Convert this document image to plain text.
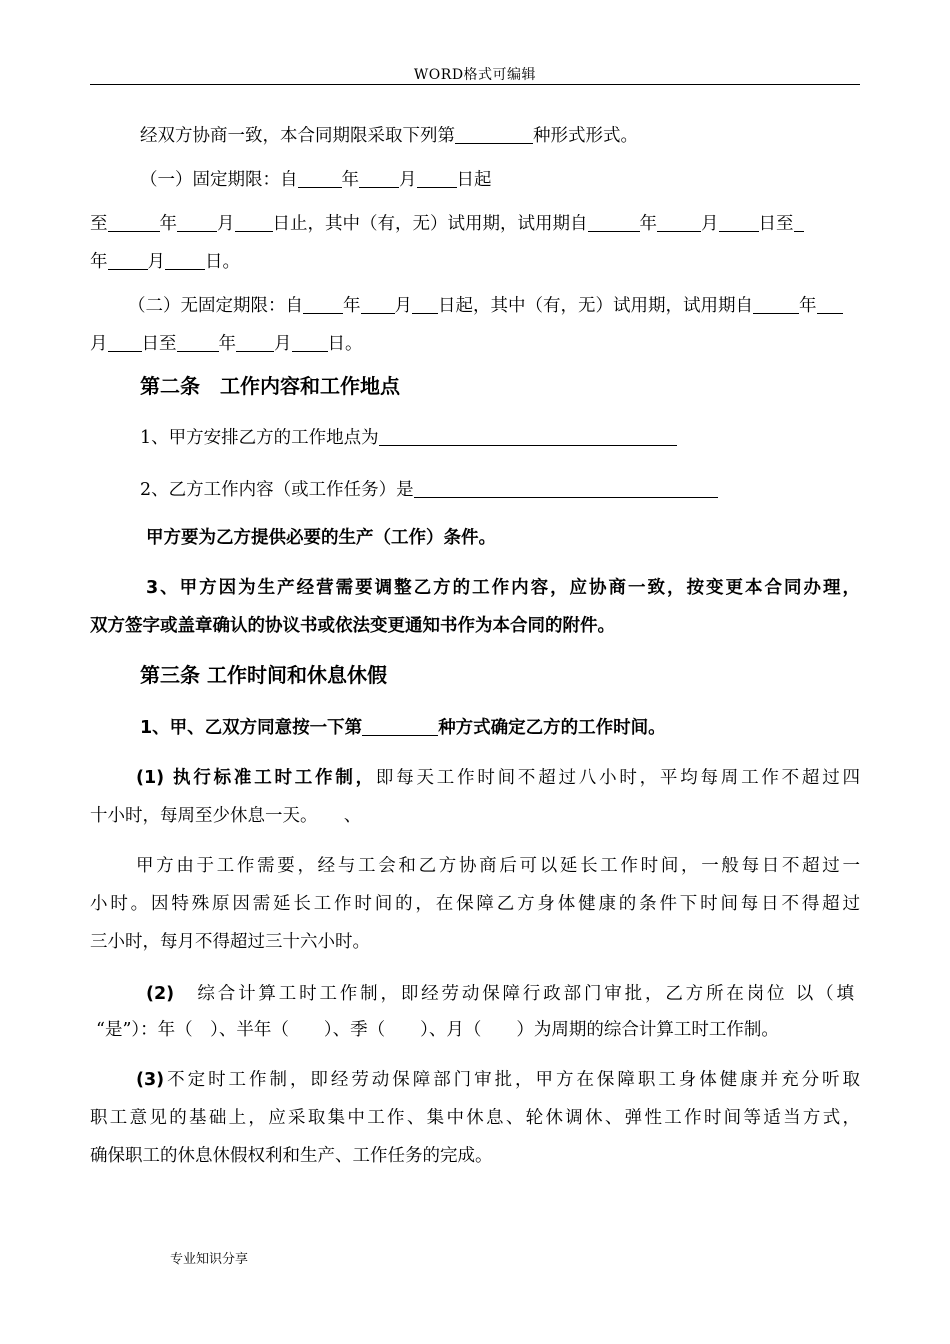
WORD格式可编辑
经双方协商一致，本合同期限采取下列第	种形式形式。
（一）固定期限：自	年 月 日起
至	年 月 日止，其中（有，无）试用期，试用期自	年	月 日至
年 月 日。
（二）无固定期限：自 年 月 日起，其中（有，无）试用期，试用期自	年
月 日至 年 月 日。
第二条　工作内容和工作地点
1、甲方安排乙方的工作地点为
2、乙方工作内容（或工作任务）是
甲方要为乙方提供必要的生产（工作）条件。
3、甲方因为生产经营需要调整乙方的工作内容，应协商一致，按变更本合同办理，
双方签字或盖章确认的协议书或依法变更通知书作为本合同的附件。
第三条 工作时间和休息休假
1、甲、乙双方同意按一下第	种方式确定乙方的工作时间。
(1) 执行标准工时工作制，即每天工作时间不超过八小时，平均每周工作不超过四
十小时，每周至少休息一天。　　、
甲方由于工作需要，经与工会和乙方协商后可以延长工作时间，一般每日不超过一
小时。因特殊原因需延长工作时间的，在保障乙方身体健康的条件下时间每日不得超过
三小时，每月不得超过三十六小时。
(2)　综合计算工时工作制，即经劳动保障行政部门审批，乙方所在岗位 以（填
“是”）：年（　）、半年（　　）、季（　　）、月（　　）为周期的综合计算工时工作制。
(3)不定时工作制，即经劳动保障部门审批，甲方在保障职工身体健康并充分听取
职工意见的基础上，应采取集中工作、集中休息、轮休调休、弹性工作时间等适当方式，
确保职工的休息休假权利和生产、工作任务的完成。
专业知识分享
